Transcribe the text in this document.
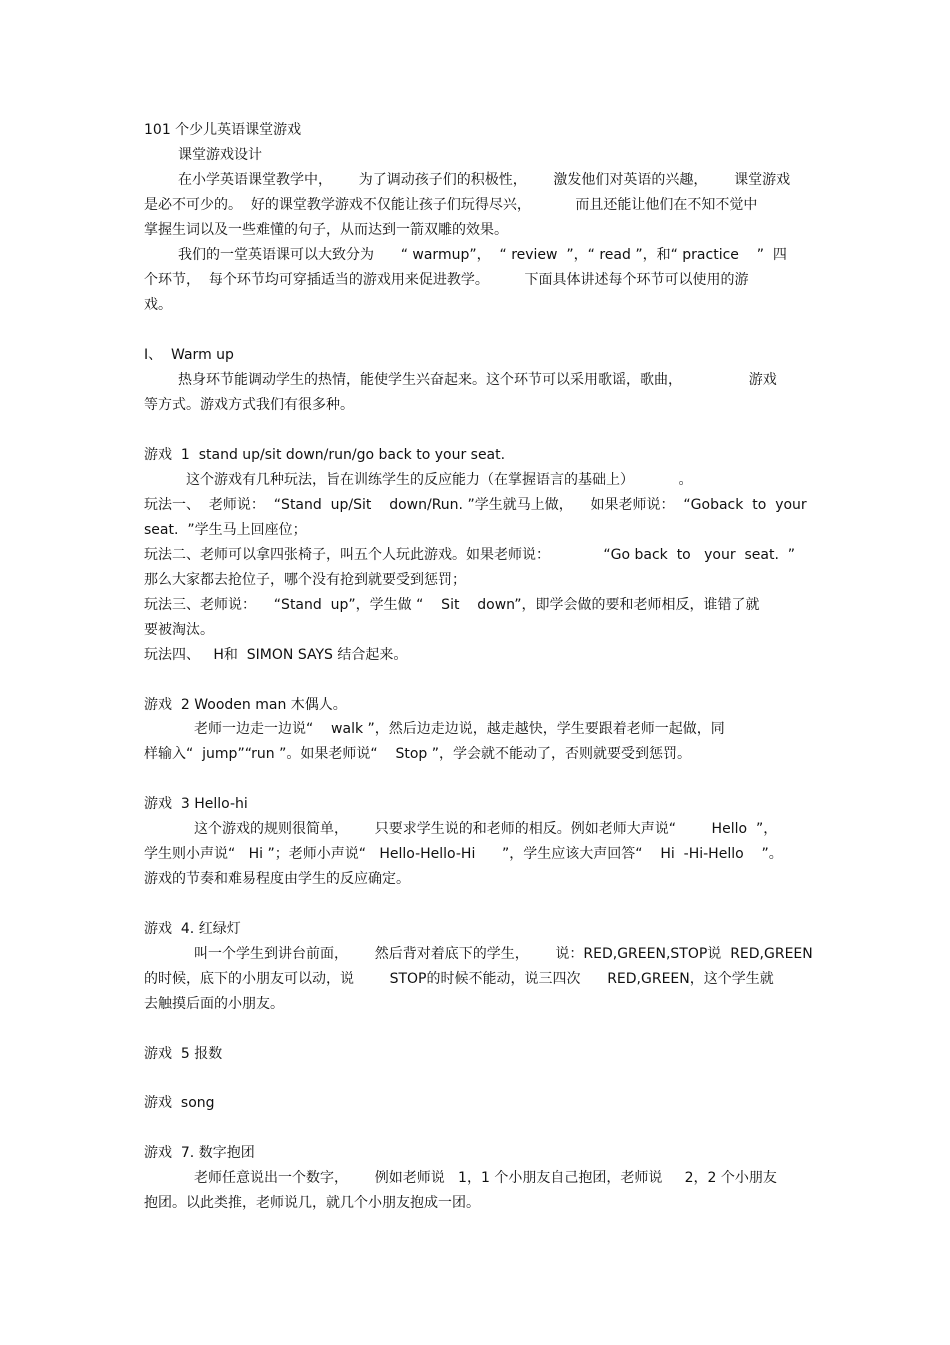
101 个少儿英语课堂游戏
课堂游戏设计
在小学英语课堂教学中，      为了调动孩子们的积极性，      激发他们对英语的兴趣，      课堂游戏
是必不可少的。  好的课堂教学游戏不仅能让孩子们玩得尽兴，          而且还能让他们在不知不觉中
掌握生词以及一些难懂的句子，从而达到一箭双雕的效果。
我们的一堂英语课可以大致分为      “ warmup”，  “ review  ”，“ read ”，和“ practice    ”  四
个环节，  每个环节均可穿插适当的游戏用来促进教学。        下面具体讲述每个环节可以使用的游
戏。
Ⅰ、  Warm up
热身环节能调动学生的热情，能使学生兴奋起来。这个环节可以采用歌谣，歌曲，               游戏
等方式。游戏方式我们有很多种。
游戏  1  stand up/sit down/run/go back to your seat.
这个游戏有几种玩法，旨在训练学生的反应能力（在掌握语言的基础上）          。
玩法一、  老师说：  “Stand  up/Sit    down/Run. ”学生就马上做，    如果老师说：  “Goback  to  your
seat.  ”学生马上回座位；
玩法二、老师可以拿四张椅子，叫五个人玩此游戏。如果老师说：            “Go back  to   your  seat.  ”
那么大家都去抢位子，哪个没有抢到就要受到惩罚；
玩法三、老师说：    “Stand  up”，学生做 “    Sit    down”，即学会做的要和老师相反，谁错了就
要被淘汰。
玩法四、   H和  SIMON SAYS 结合起来。
游戏  2 Wooden man 木偶人。
老师一边走一边说“    walk ”，然后边走边说，越走越快，学生要跟着老师一起做，同
样输入“  jump”“run ”。如果老师说“    Stop ”，学会就不能动了，否则就要受到惩罚。
游戏  3 Hello-hi
这个游戏的规则很简单，      只要求学生说的和老师的相反。例如老师大声说“        Hello  ”，
学生则小声说“   Hi ”；老师小声说“   Hello-Hello-Hi      ”，学生应该大声回答“    Hi  -Hi-Hello    ”。
游戏的节奏和难易程度由学生的反应确定。
游戏  4. 红绿灯
叫一个学生到讲台前面，      然后背对着底下的学生，      说：RED,GREEN,STOP说  RED,GREEN
的时候，底下的小朋友可以动，说        STOP的时候不能动，说三四次      RED,GREEN，这个学生就
去触摸后面的小朋友。
游戏  5 报数
游戏  song
游戏  7. 数字抱团
老师任意说出一个数字，      例如老师说   1，1 个小朋友自己抱团，老师说     2，2 个小朋友
抱团。以此类推，老师说几，就几个小朋友抱成一团。
